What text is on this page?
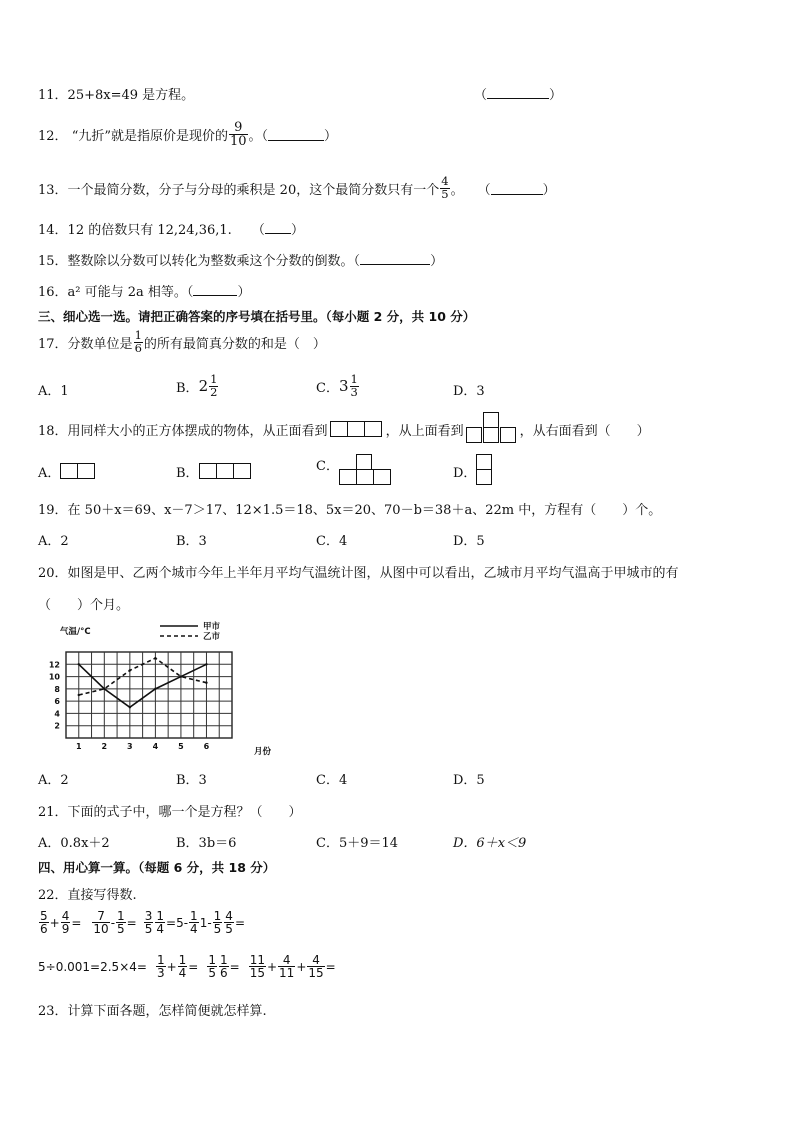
11．25+8x=49 是方程。	（	）
12．
“九折”就是指原价是现价的 $\frac{9}{10}$ 。（	）
13． 一个最简分数，分子与分母的乘积是 20，这个最简分数只有一个 $\frac{4}{5}$ 。 （	）
14．12 的倍数只有 12,24,36,1. （ ）
15．整数除以分数可以转化为整数乘这个分数的倒数。（	）
16．a² 可能与 2a 相等。（	）
三、细心选一选。请把正确答案的序号填在括号里。（每小题 2 分，共 10 分）
17． 分数单位是 $\frac{1}{6}$ 的所有最简真分数的和是（　）
A．1	B． $2 \frac{1}{2}$	C． $3 \frac{1}{3}$	D．3
18． 用同样大小的正方体摆成的物体，从正面看到	，从上面看到	，从右面看到（　　）
A．	B．	C．	D．
19．在 50＋x＝69、x－7＞17、12×1.5＝18、5x＝20、70－b＝38＋a、22m 中，方程有（　　）个。
A．2	B．3	C．4	D．5
20．如图是甲、乙两个城市今年上半年月平均气温统计图，从图中可以看出，乙城市月平均气温高于甲城市的有
（　　）个月。
2
4
6
8
10
12
1 2 3 4 5 6
气温/°C
月份
甲市
乙市
A．2	B．3	C．4	D．5
21．下面的式子中，哪一个是方程？（　　）
A．0.8x＋2	B．3b＝6	C．5＋9＝14	D．6＋x＜9
四、用心算一算。（每题 6 分，共 18 分）
22．直接写得数.
$\frac{5}{6} + \frac{4}{9} = \frac{7}{10} - \frac{1}{5} = \frac{3}{5} \frac{1}{4} = 5- \frac{1}{4} 1- \frac{1}{5} \frac{4}{5}$ =
$5\div 0.001= 2.5\times 4= \frac{1}{3} + \frac{1}{4} = \frac{1}{5} \frac{1}{6} = \frac{11}{15} + \frac{4}{11} + \frac{4}{15}$ =
23．计算下面各题，怎样简便就怎样算.
